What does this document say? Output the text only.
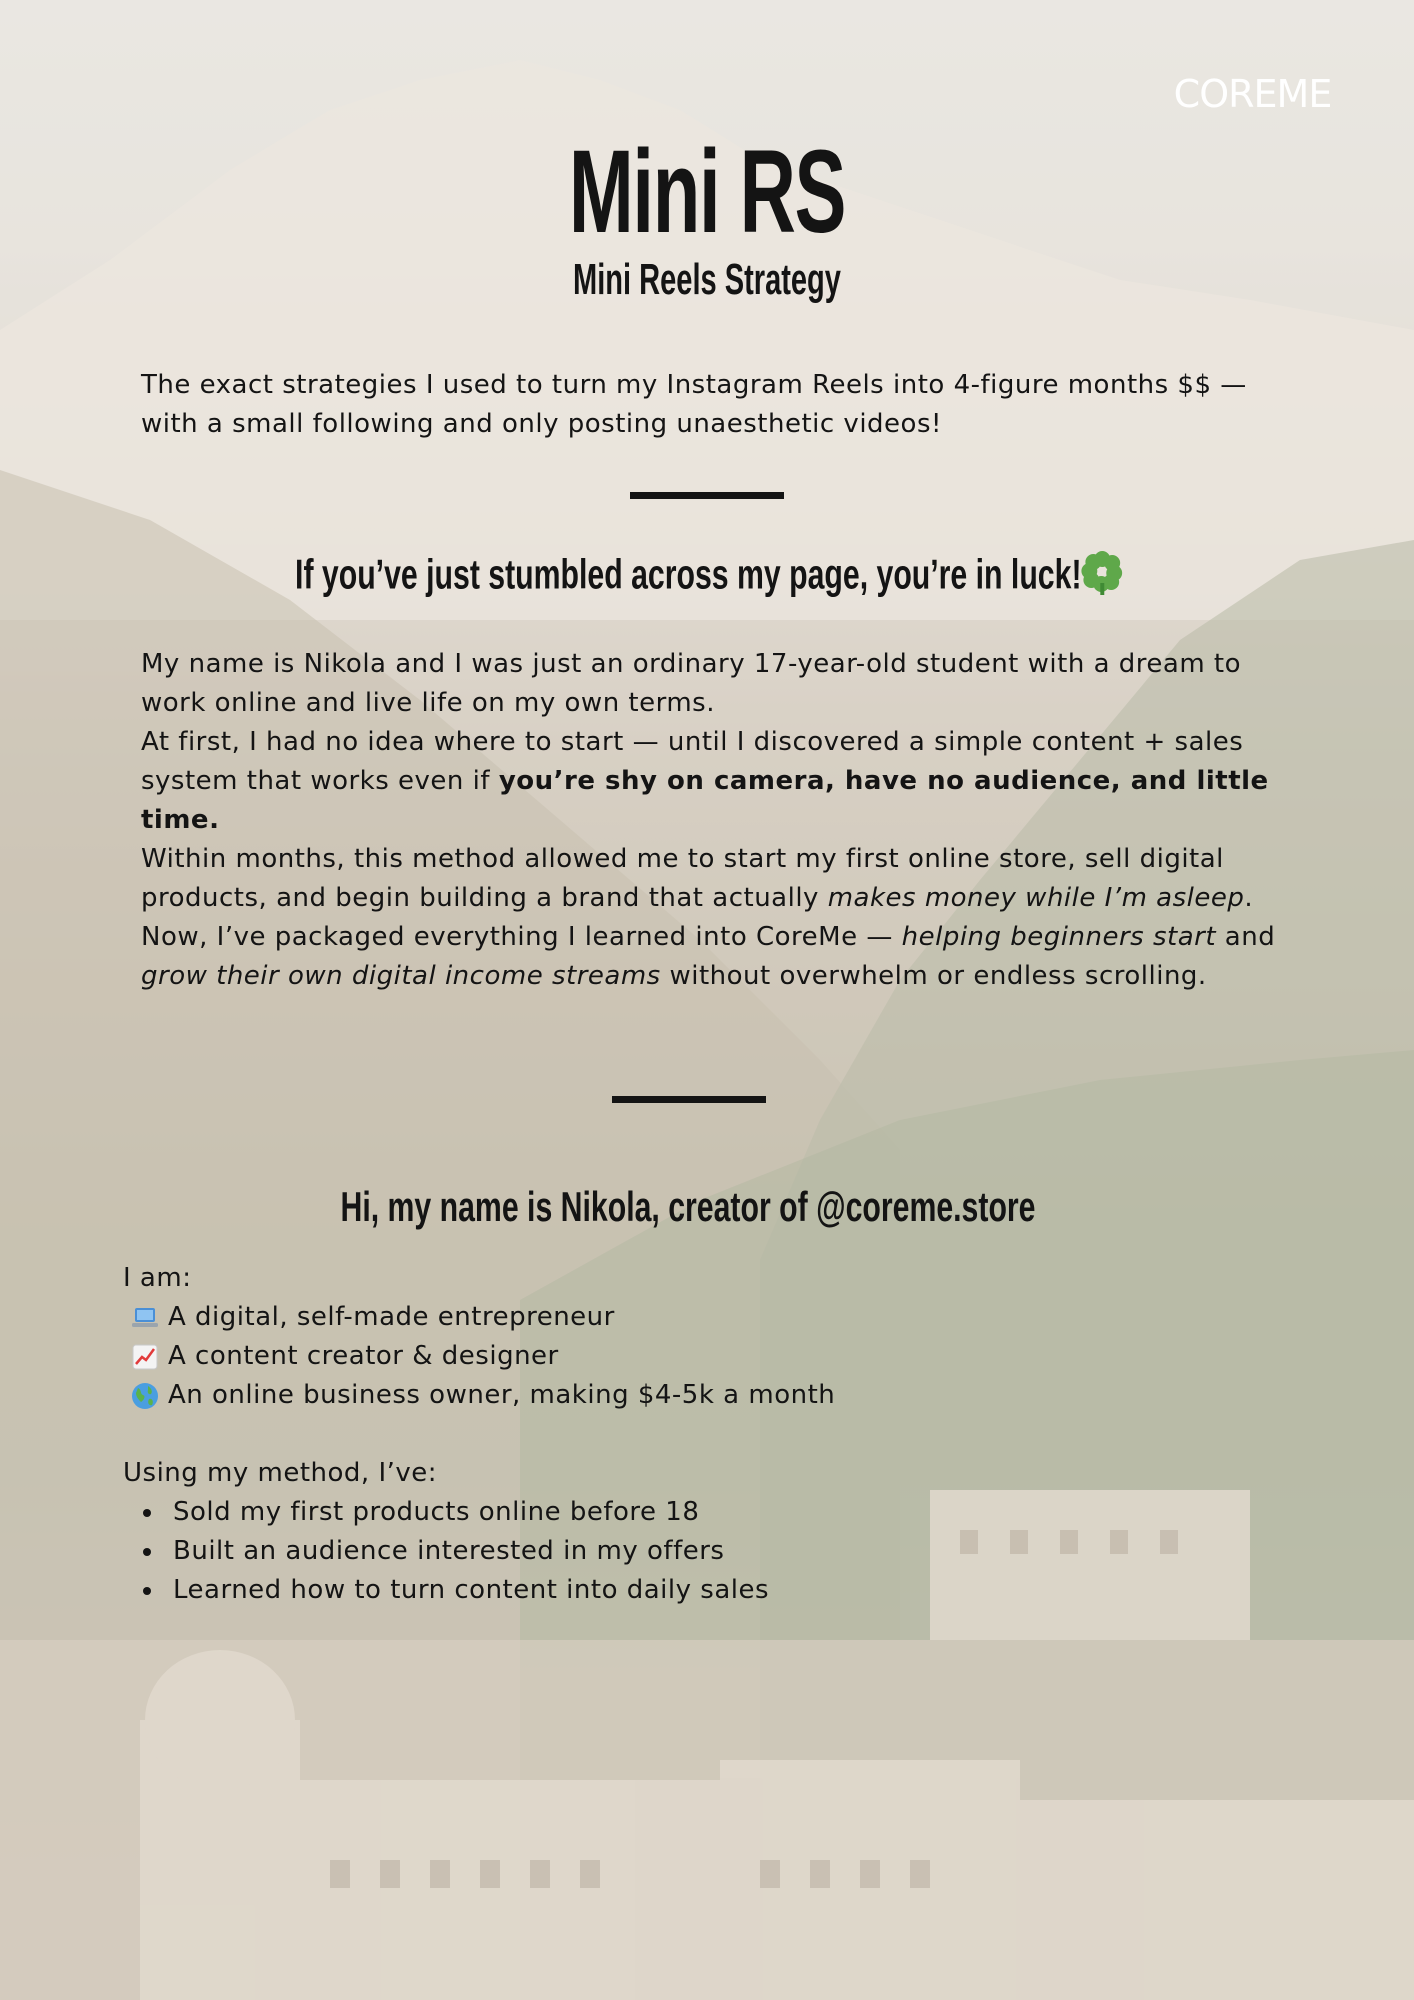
COREME
Mini RS
Mini Reels Strategy
The exact strategies I used to turn my Instagram Reels into 4-figure months $$ —
with a small following and only posting unaesthetic videos!
If you’ve just stumbled across my page, you’re in luck!

My name is Nikola and I was just an ordinary 17-year-old student with a dream to work online and live life on my own terms.

At first, I had no idea where to start — until I discovered a simple content + sales system that works even if you’re shy on camera, have no audience, and little time.

Within months, this method allowed me to start my first online store, sell digital products, and begin building a brand that actually makes money while I’m asleep.

Now, I’ve packaged everything I learned into CoreMe — helping beginners start and grow their own digital income streams without overwhelm or endless scrolling.

Hi, my name is Nikola, creator of @coreme.store

I am:

A digital, self-made entrepreneur
A content creator & designer
An online business owner, making $4-5k a month

Using my method, I’ve:

Sold my first products online before 18
Built an audience interested in my offers
Learned how to turn content into daily sales
